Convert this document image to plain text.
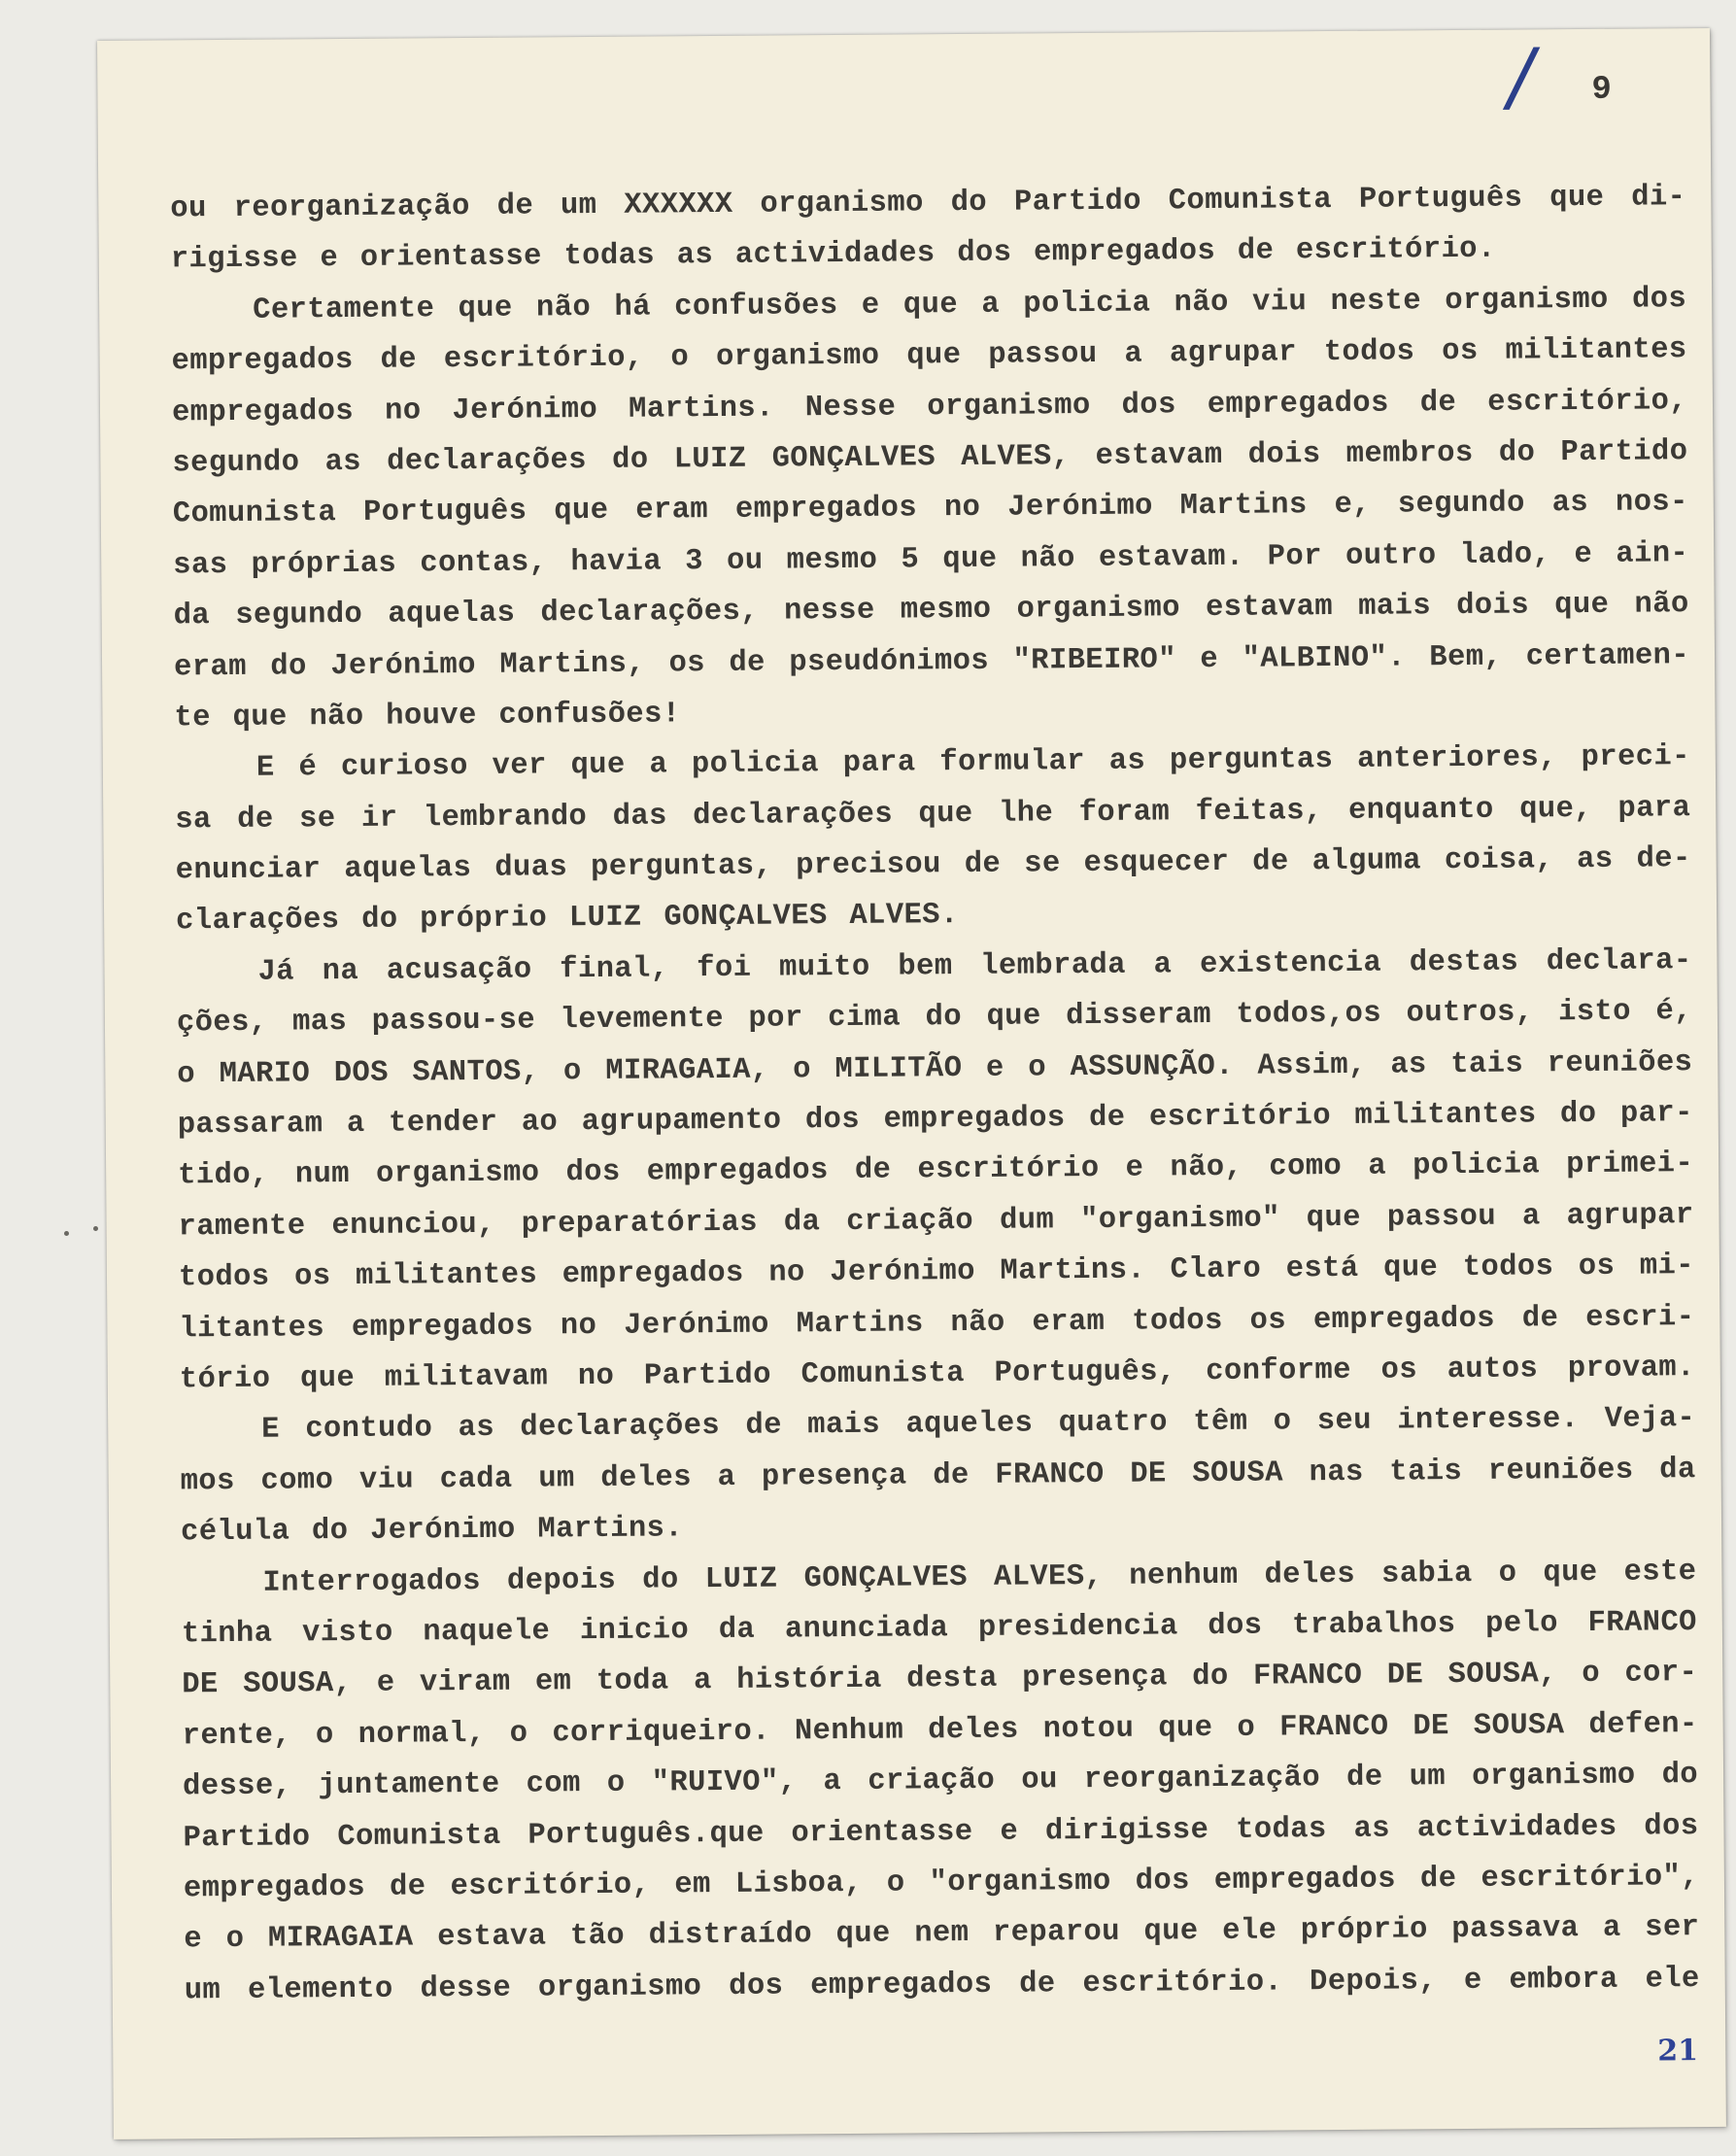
/ 9
ou reorganização de um XXXXXX organismo do Partido Comunista Português que di-
rigisse e orientasse todas as actividades dos empregados de escritório.
Certamente que não há confusões e que a policia não viu neste organismo dos
empregados de escritório, o organismo que passou a agrupar todos os militantes
empregados no Jerónimo Martins. Nesse organismo dos empregados de escritório,
segundo as declarações do LUIZ GONÇALVES ALVES, estavam dois membros do Partido
Comunista Português que eram empregados no Jerónimo Martins e, segundo as nos-
sas próprias contas, havia 3 ou mesmo 5 que não estavam. Por outro lado, e ain-
da segundo aquelas declarações, nesse mesmo organismo estavam mais dois que não
eram do Jerónimo Martins, os de pseudónimos "RIBEIRO" e "ALBINO". Bem, certamen-
te que não houve confusões!
E é curioso ver que a policia para formular as perguntas anteriores, preci-
sa de se ir lembrando das declarações que lhe foram feitas, enquanto que, para
enunciar aquelas duas perguntas, precisou de se esquecer de alguma coisa, as de-
clarações do próprio LUIZ GONÇALVES ALVES.
Já na acusação final, foi muito bem lembrada a existencia destas declara-
ções, mas passou-se levemente por cima do que disseram todos,os outros, isto é,
o MARIO DOS SANTOS, o MIRAGAIA, o MILITÃO e o ASSUNÇÃO. Assim, as tais reuniões
passaram a tender ao agrupamento dos empregados de escritório militantes do par-
tido, num organismo dos empregados de escritório e não, como a policia primei-
ramente enunciou, preparatórias da criação dum "organismo" que passou a agrupar
todos os militantes empregados no Jerónimo Martins. Claro está que todos os mi-
litantes empregados no Jerónimo Martins não eram todos os empregados de escri-
tório que militavam no Partido Comunista Português, conforme os autos provam.
E contudo as declarações de mais aqueles quatro têm o seu interesse. Veja-
mos como viu cada um deles a presença de FRANCO DE SOUSA nas tais reuniões da
célula do Jerónimo Martins.
Interrogados depois do LUIZ GONÇALVES ALVES, nenhum deles sabia o que este
tinha visto naquele inicio da anunciada presidencia dos trabalhos pelo FRANCO
DE SOUSA, e viram em toda a história desta presença do FRANCO DE SOUSA, o cor-
rente, o normal, o corriqueiro. Nenhum deles notou que o FRANCO DE SOUSA defen-
desse, juntamente com o "RUIVO", a criação ou reorganização de um organismo do
Partido Comunista Português.que orientasse e dirigisse todas as actividades dos
empregados de escritório, em Lisboa, o "organismo dos empregados de escritório",
e o MIRAGAIA estava tão distraído que nem reparou que ele próprio passava a ser
um elemento desse organismo dos empregados de escritório. Depois, e embora ele
21
